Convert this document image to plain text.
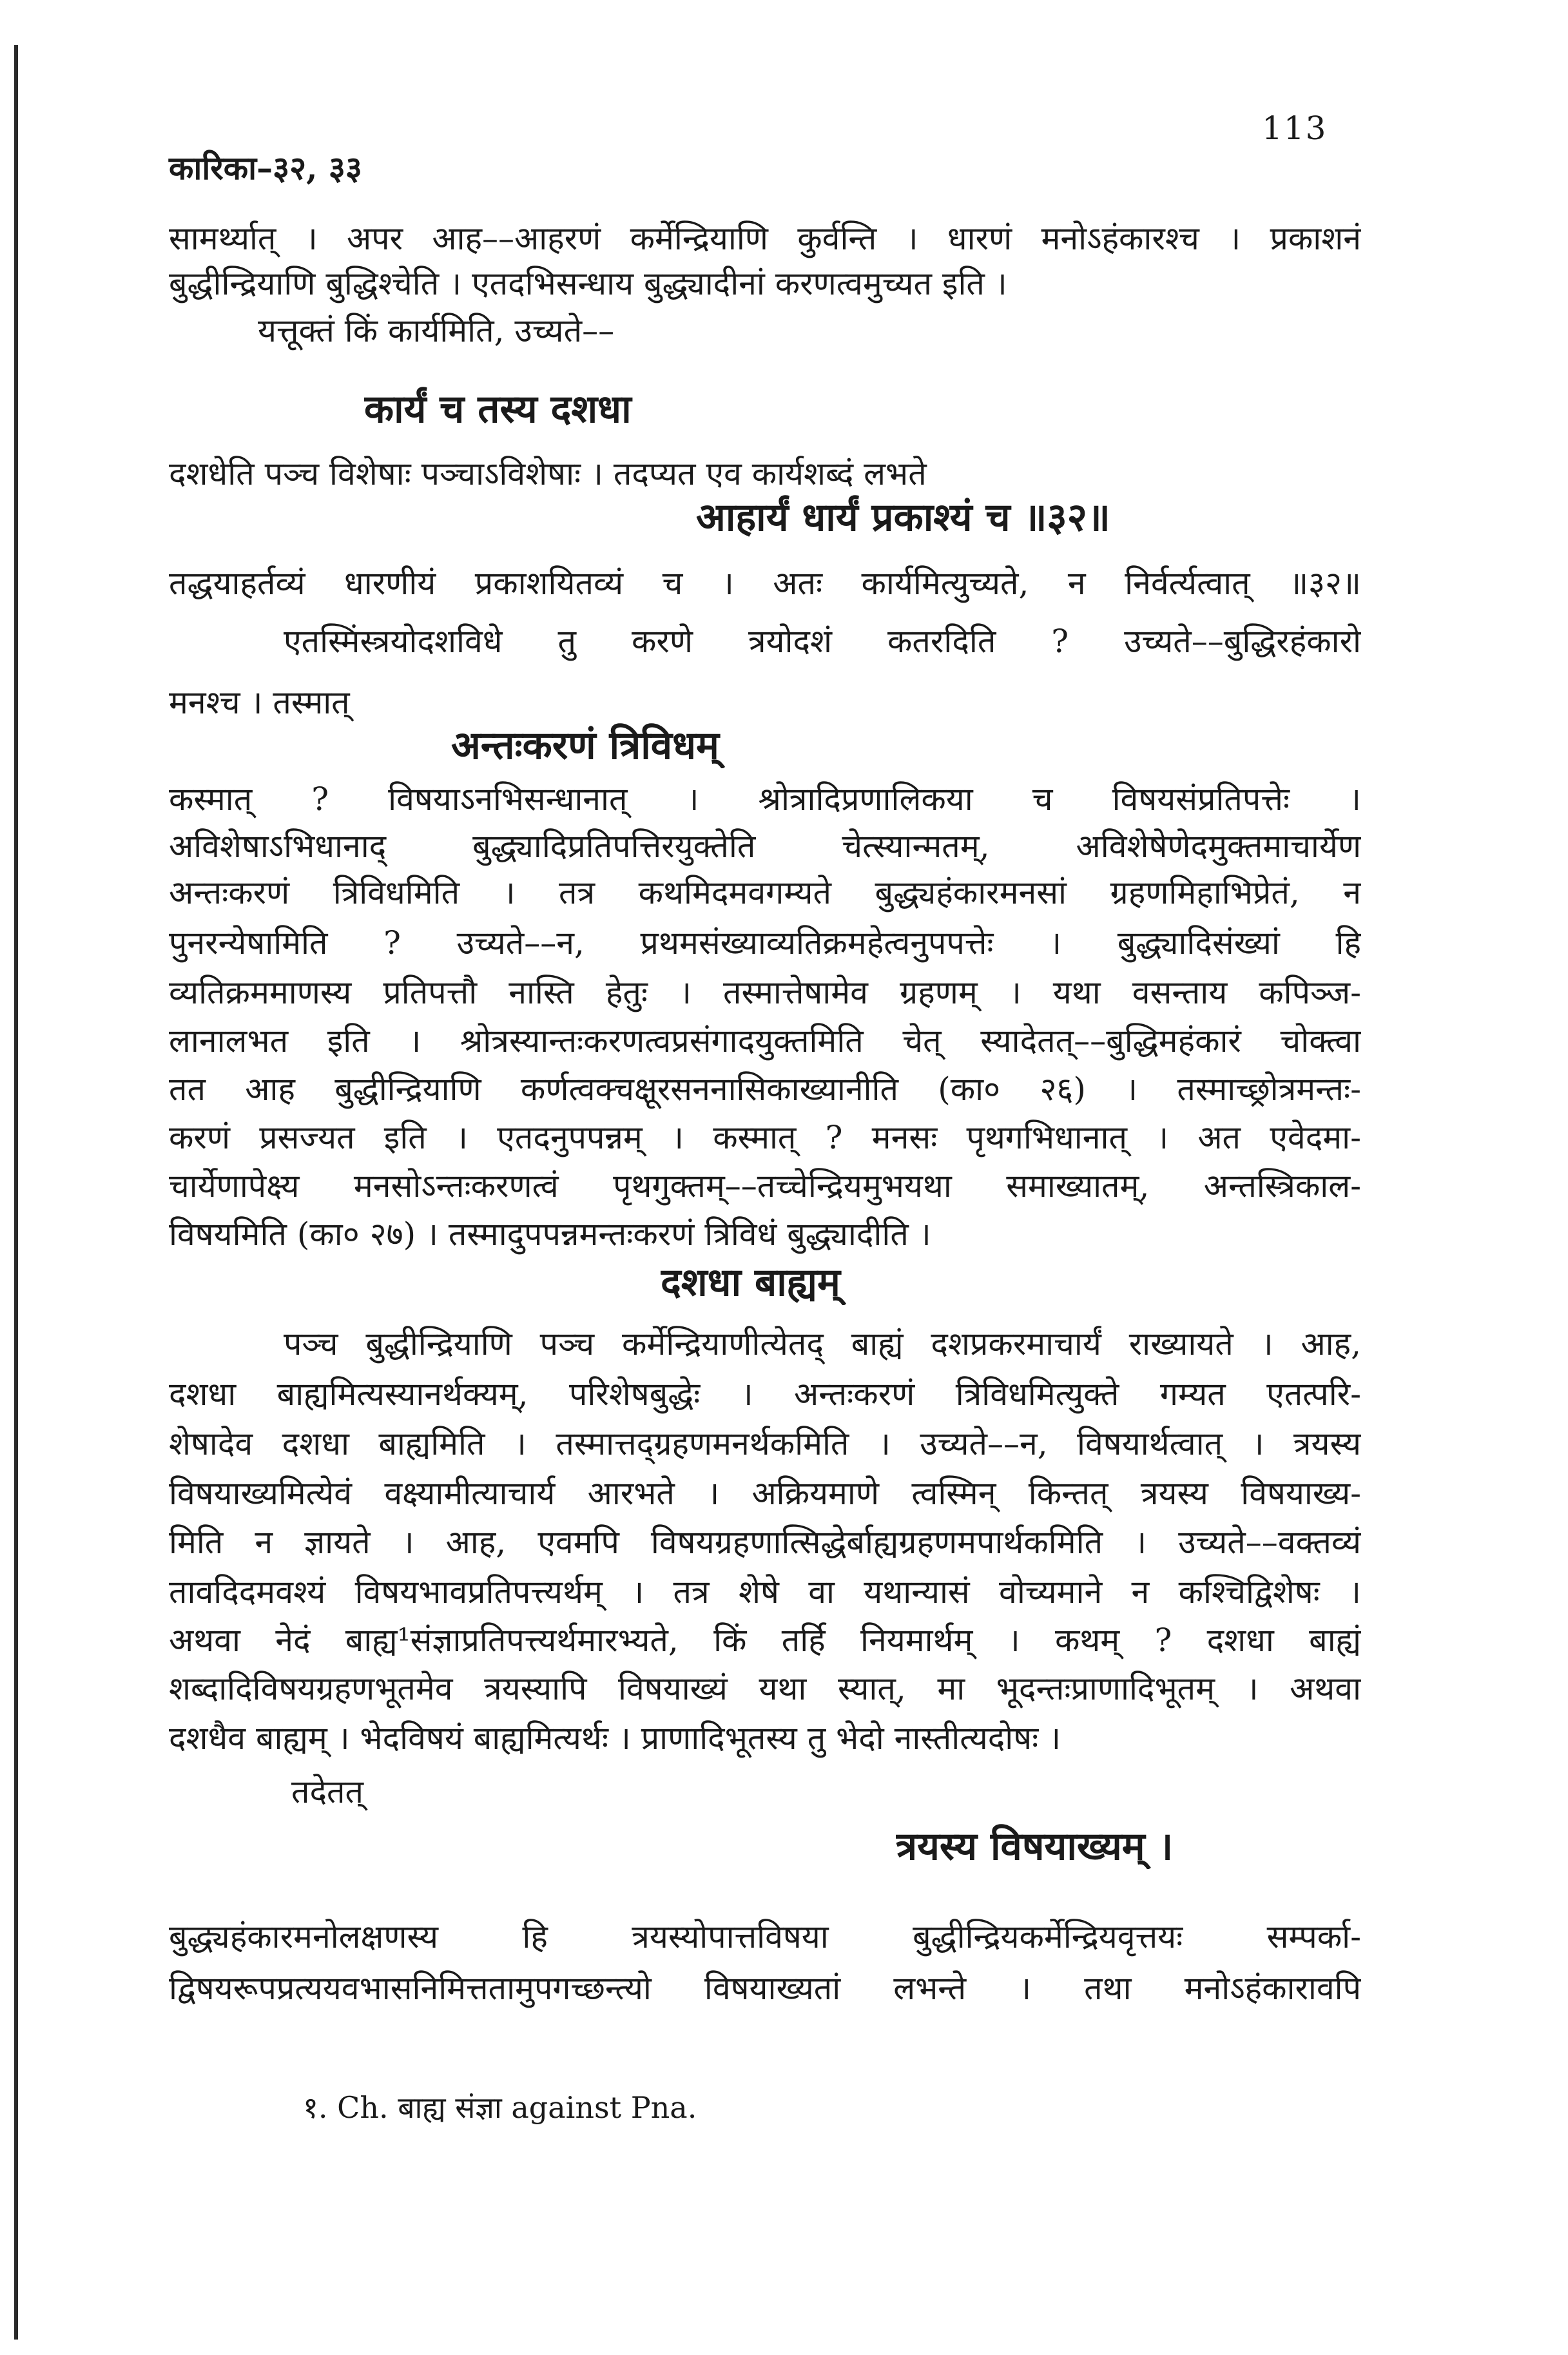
113
कारिका–३२, ३३
सामर्थ्यात् । अपर आह––आहरणं कर्मेन्द्रियाणि कुर्वन्ति । धारणं मनोऽहंकारश्च । प्रकाशनं
बुद्धीन्द्रियाणि बुद्धिश्चेति । एतदभिसन्धाय बुद्ध्यादीनां करणत्वमुच्यत इति ।
यत्तूक्तं किं कार्यमिति, उच्यते––
कार्यं च तस्य दशधा
दशधेति पञ्च विशेषाः पञ्चाऽविशेषाः । तदप्यत एव कार्यशब्दं लभते
आहार्यं धार्यं प्रकाश्यं च ॥३२॥
तद्धयाहर्तव्यं धारणीयं प्रकाशयितव्यं च । अतः कार्यमित्युच्यते, न निर्वर्त्यत्वात् ॥३२॥
एतस्मिंस्त्रयोदशविधे तु करणे त्रयोदशं कतरदिति ? उच्यते––बुद्धिरहंकारो
मनश्च । तस्मात्
अन्तःकरणं त्रिविधम्
कस्मात् ? विषयाऽनभिसन्धानात् । श्रोत्रादिप्रणालिकया च विषयसंप्रतिपत्तेः ।
अविशेषाऽभिधानाद् बुद्ध्यादिप्रतिपत्तिरयुक्तेति चेत्स्यान्मतम्, अविशेषेणेदमुक्तमाचार्येण
अन्तःकरणं त्रिविधमिति । तत्र कथमिदमवगम्यते बुद्ध्यहंकारमनसां ग्रहणमिहाभिप्रेतं, न
पुनरन्येषामिति ? उच्यते––न, प्रथमसंख्याव्यतिक्रमहेत्वनुपपत्तेः । बुद्ध्यादिसंख्यां हि
व्यतिक्रममाणस्य प्रतिपत्तौ नास्ति हेतुः । तस्मात्तेषामेव ग्रहणम् । यथा वसन्ताय कपिञ्ज-
लानालभत इति । श्रोत्रस्यान्तःकरणत्वप्रसंगादयुक्तमिति चेत् स्यादेतत्––बुद्धिमहंकारं चोक्त्वा
तत आह बुद्धीन्द्रियाणि कर्णत्वक्चक्षूरसननासिकाख्यानीति (का० २६) । तस्माच्छ्रोत्रमन्तः-
करणं प्रसज्यत इति । एतदनुपपन्नम् । कस्मात् ? मनसः पृथगभिधानात् । अत एवेदमा-
चार्येणापेक्ष्य मनसोऽन्तःकरणत्वं पृथगुक्तम्––तच्चेन्द्रियमुभयथा समाख्यातम्, अन्तस्त्रिकाल-
विषयमिति (का० २७) । तस्मादुपपन्नमन्तःकरणं त्रिविधं बुद्ध्यादीति ।
दशधा बाह्यम्
पञ्च बुद्धीन्द्रियाणि पञ्च कर्मेन्द्रियाणीत्येतद् बाह्यं दशप्रकरमाचार्यं राख्यायते । आह,
दशधा बाह्यमित्यस्यानर्थक्यम्, परिशेषबुद्धेः । अन्तःकरणं त्रिविधमित्युक्ते गम्यत एतत्परि-
शेषादेव दशधा बाह्यमिति । तस्मात्तद्ग्रहणमनर्थकमिति । उच्यते––न, विषयार्थत्वात् । त्रयस्य
विषयाख्यमित्येवं वक्ष्यामीत्याचार्य आरभते । अक्रियमाणे त्वस्मिन् किन्तत् त्रयस्य विषयाख्य-
मिति न ज्ञायते । आह, एवमपि विषयग्रहणात्सिद्धेर्बाह्यग्रहणमपार्थकमिति । उच्यते––वक्तव्यं
तावदिदमवश्यं विषयभावप्रतिपत्त्यर्थम् । तत्र शेषे वा यथान्यासं वोच्यमाने न कश्चिद्विशेषः ।
अथवा नेदं बाह्य¹संज्ञाप्रतिपत्त्यर्थमारभ्यते, किं तर्हि नियमार्थम् । कथम् ? दशधा बाह्यं
शब्दादिविषयग्रहणभूतमेव त्रयस्यापि विषयाख्यं यथा स्यात्, मा भूदन्तःप्राणादिभूतम् । अथवा
दशधैव बाह्यम् । भेदविषयं बाह्यमित्यर्थः । प्राणादिभूतस्य तु भेदो नास्तीत्यदोषः ।
तदेतत्
त्रयस्य विषयाख्यम् ।
बुद्ध्यहंकारमनोलक्षणस्य हि त्रयस्योपात्तविषया बुद्धीन्द्रियकर्मेन्द्रियवृत्तयः सम्पर्का-
द्विषयरूपप्रत्ययवभासनिमित्ततामुपगच्छन्त्यो विषयाख्यतां लभन्ते । तथा मनोऽहंकारावपि
१. Ch. बाह्य संज्ञा against Pna.
